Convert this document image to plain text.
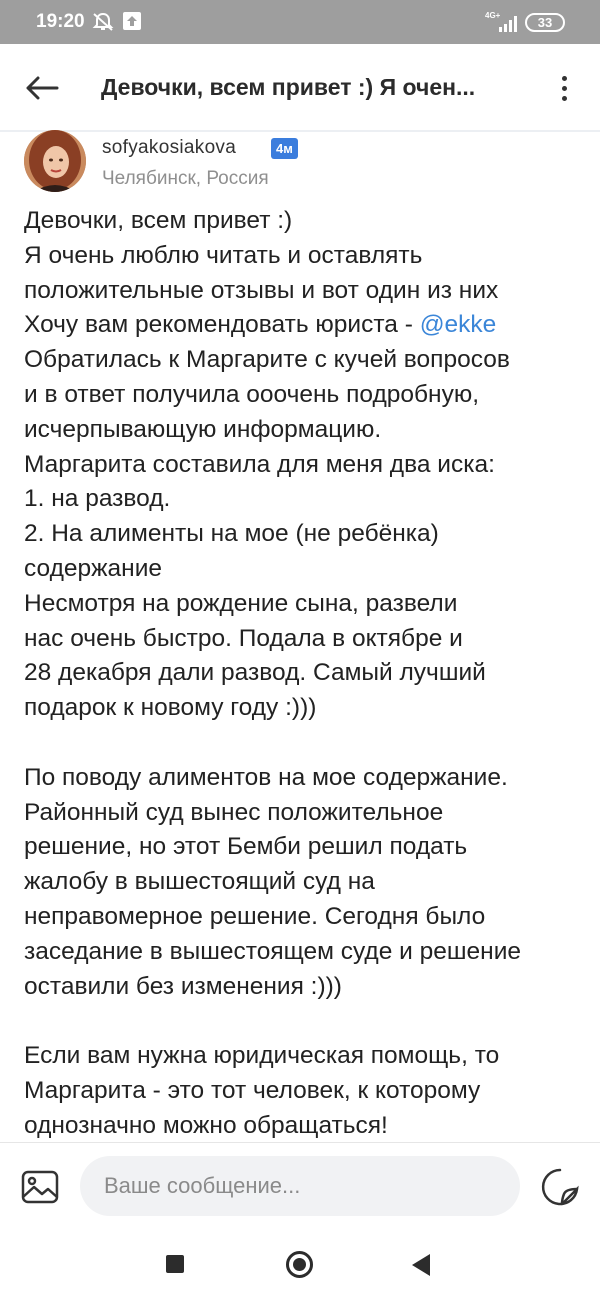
19:20	4G+	33
Девочки, всем привет :) Я очен...
sofyakosiakova	4м
Челябинск, Россия
Девочки, всем привет :)
Я очень люблю читать и оставлять
положительные отзывы и вот один из них
Хочу вам рекомендовать юриста - @ekke
Обратилась к Маргарите с кучей вопросов
и в ответ получила ооочень подробную,
исчерпывающую информацию.
Маргарита составила для меня два иска:
1. на развод.
2. На алименты на мое (не ребёнка)
содержание
Несмотря на рождение сына, развели
нас очень быстро. Подала в октябре и
28 декабря дали развод. Самый лучший
подарок к новому году :)))
По поводу алиментов на мое содержание.
Районный суд вынес положительное
решение, но этот Бемби решил подать
жалобу в вышестоящий суд на
неправомерное решение. Сегодня было
заседание в вышестоящем суде и решение
оставили без изменения :)))
Если вам нужна юридическая помощь, то
Маргарита - это тот человек, к которому
однозначно можно обращаться!
Ваше сообщение...
